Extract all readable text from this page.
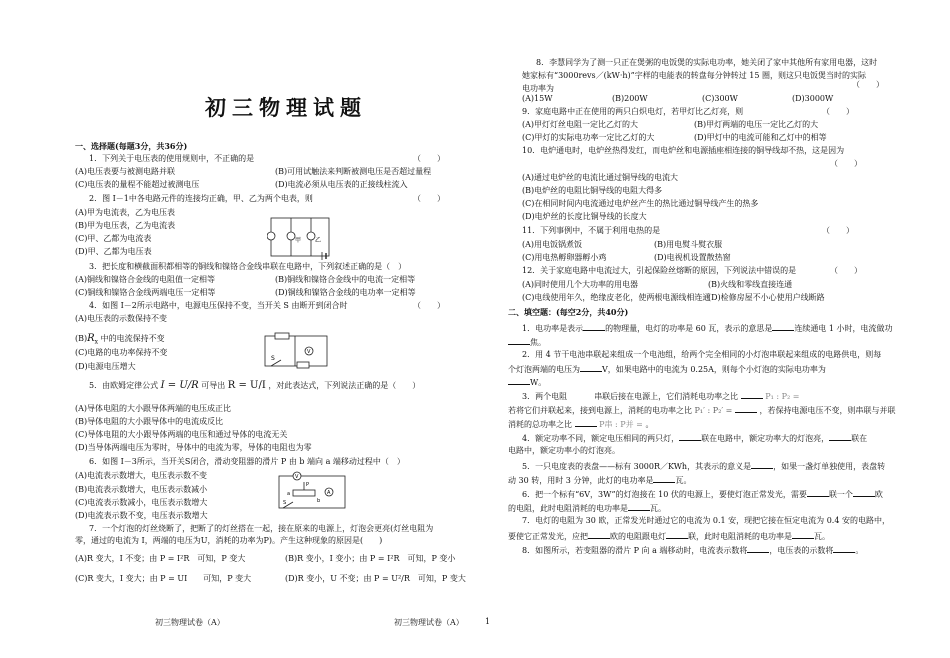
初三物理试题
一、选择题(每题3分，共36分)
1．下列关于电压表的使用规则中，不正确的是	（　　）
(A)电压表要与被测电路并联	(B)可用试触法来判断被测电压是否超过量程
(C)电压表的量程不能超过被测电压	(D)电流必须从电压表的正接线柱流入
2．图 I－1中各电路元件的连接均正确，甲、乙为两个电表，则	（　　）
(A)甲为电流表，乙为电压表
(B)甲为电压表，乙为电流表
(C)甲、乙都为电流表
(D)甲、乙都为电压表
甲 乙
3．把长度和横截面积都相等的铜线和镍铬合金线串联在电路中，下列叙述正确的是（　）
(A)铜线和镍铬合金线的电阻值一定相等	(B)铜线和镍铬合金线中的电流一定相等
(C)铜线和镍铬合金线两端电压一定相等	(D)铜线和镍铬合金线的电功率一定相等
4．如图 I－2所示电路中，电源电压保持不变，当开关 S 由断开到闭合时	（　　）
(A)电压表的示数保持不变
$(B)R_x$ 中的电流保持不变
(C)电路的电功率保持不变
(D)电源电压增大
S
V
5．由欧姆定律公式 I = U/R 可导出 R = U/I ，对此表达式，下列说法正确的是（　　）
(A)导体电阻的大小跟导体两端的电压成正比
(B)导体电阻的大小跟导体中的电流成反比
(C)导体电阻的大小跟导体两端的电压和通过导体的电流无关
(D)当导体两端电压为零时，导体中的电流为零，导体的电阻也为零
6．如图 I－3所示，当开关S闭合，滑动变阻器的滑片 P 由 b 端向 a 端移动过程中（　）
(A)电流表示数增大，电压表示数不变
(B)电流表示数增大，电压表示数减小
(C)电流表示数减小，电压表示数增大
(D)电流表示数不变，电压表示数增大
V
A
P
a
b
S
7．一个灯泡的灯丝烧断了，把断了的灯丝搭在一起，接在原来的电源上，灯泡会更亮(灯丝电阻为
零，通过的电流为 I，两端的电压为U，消耗的功率为P)。产生这种现象的原因是(　　)
(A)R 变大，I 不变；由 P = I²R　可知，P 变大	(B)R 变小，I 变小；由 P = I²R　可知，P 变小
(C)R 变大，I 变大；由 P = UI　　可知，P 变大	(D)R 变小，U 不变；由 P = U²/R　可知，P 变大
初三物理试卷（A）
8．李慧同学为了测一只正在煲粥的电饭煲的实际电功率，她关闭了家中其他所有家用电器，这时
她家标有“3000revs／(kW·h)”字样的电能表的转盘每分钟转过 15 圈，则这只电饭煲当时的实际
电功率为	（　　）
(A)15W	(B)200W	(C)300W	(D)3000W
9．家庭电路中正在使用的两只白炽电灯，若甲灯比乙灯亮，则	（　　）
(A)甲灯灯丝电阻一定比乙灯的大	(B)甲灯两端的电压一定比乙灯的大
(C)甲灯的实际电功率一定比乙灯的大	(D)甲灯中的电流可能和乙灯中的相等
10．电炉通电时，电炉丝热得发红，而电炉丝和电源插座相连接的铜导线却不热，这是因为
（　　）
(A)通过电炉丝的电流比通过铜导线的电流大
(B)电炉丝的电阻比铜导线的电阻大得多
(C)在相同时间内电流通过电炉丝产生的热比通过铜导线产生的热多
(D)电炉丝的长度比铜导线的长度大
11．下列事例中，不属于利用电热的是	（　　）
(A)用电饭锅煮饭	(B)用电熨斗熨衣服
(C)用电热孵卵器孵小鸡	(D)电视机设置散热窗
12．关于家庭电路中电流过大，引起保险丝熔断的原因，下列说法中错误的是	（　　）
(A)同时使用几个大功率的用电器	(B)火线和零线直接连通
(C)电线使用年久，绝缘皮老化，使两根电源线相连通
(D)检修房屋不小心使用户线断路
二、填空题：(每空2分，共40分)
1．电功率是表示	的物理量，电灯的功率是 60 瓦，表示的意思是	连续通电 1 小时，电流做功
焦。
2．用 4 节干电池串联起来组成一个电池组，给两个完全相同的小灯泡串联起来组成的电路供电，则每
个灯泡两端的电压为	V，如果电路中的电流为 0.25A，则每个小灯泡的实际电功率为
W。
3．两个电阻	串联后接在电源上，它们消耗电功率之比	P₁ : P₂ =
若将它们并联起来，接到电源上，消耗的电功率之比 P₁′ : P₂′ =	，若保持电源电压不变，则串联与并联
消耗的总功率之比	P串 : P并 = 。
4．额定功率不同，额定电压相同的两只灯，	联在电路中，额定功率大的灯泡亮，	联在
电路中，额定功率小的灯泡亮。
5．一只电度表的表盘——标有 3000R／KWh，其表示的意义是	，如果一盏灯单独使用，表盘转
动 30 转，用时 3 分钟，此灯的电功率是	瓦。
6．把一个标有“6V，3W”的灯泡接在 10 伏的电源上，要使灯泡正常发光，需要	联一个	欧
的电阻，此时电阻消耗的电功率是	瓦。
7．电灯的电阻为 30 欧，正常发光时通过它的电流为 0.1 安，现把它接在恒定电流为 0.4 安的电路中，
要使它正常发光，应把	欧的电阻跟电灯	联，此时电阻消耗的电功率是	瓦。
8．如图所示，若变阻器的滑片 P 向 a 端移动时，电流表示数将	，电压表的示数将	。
初三物理试卷（A）	1
